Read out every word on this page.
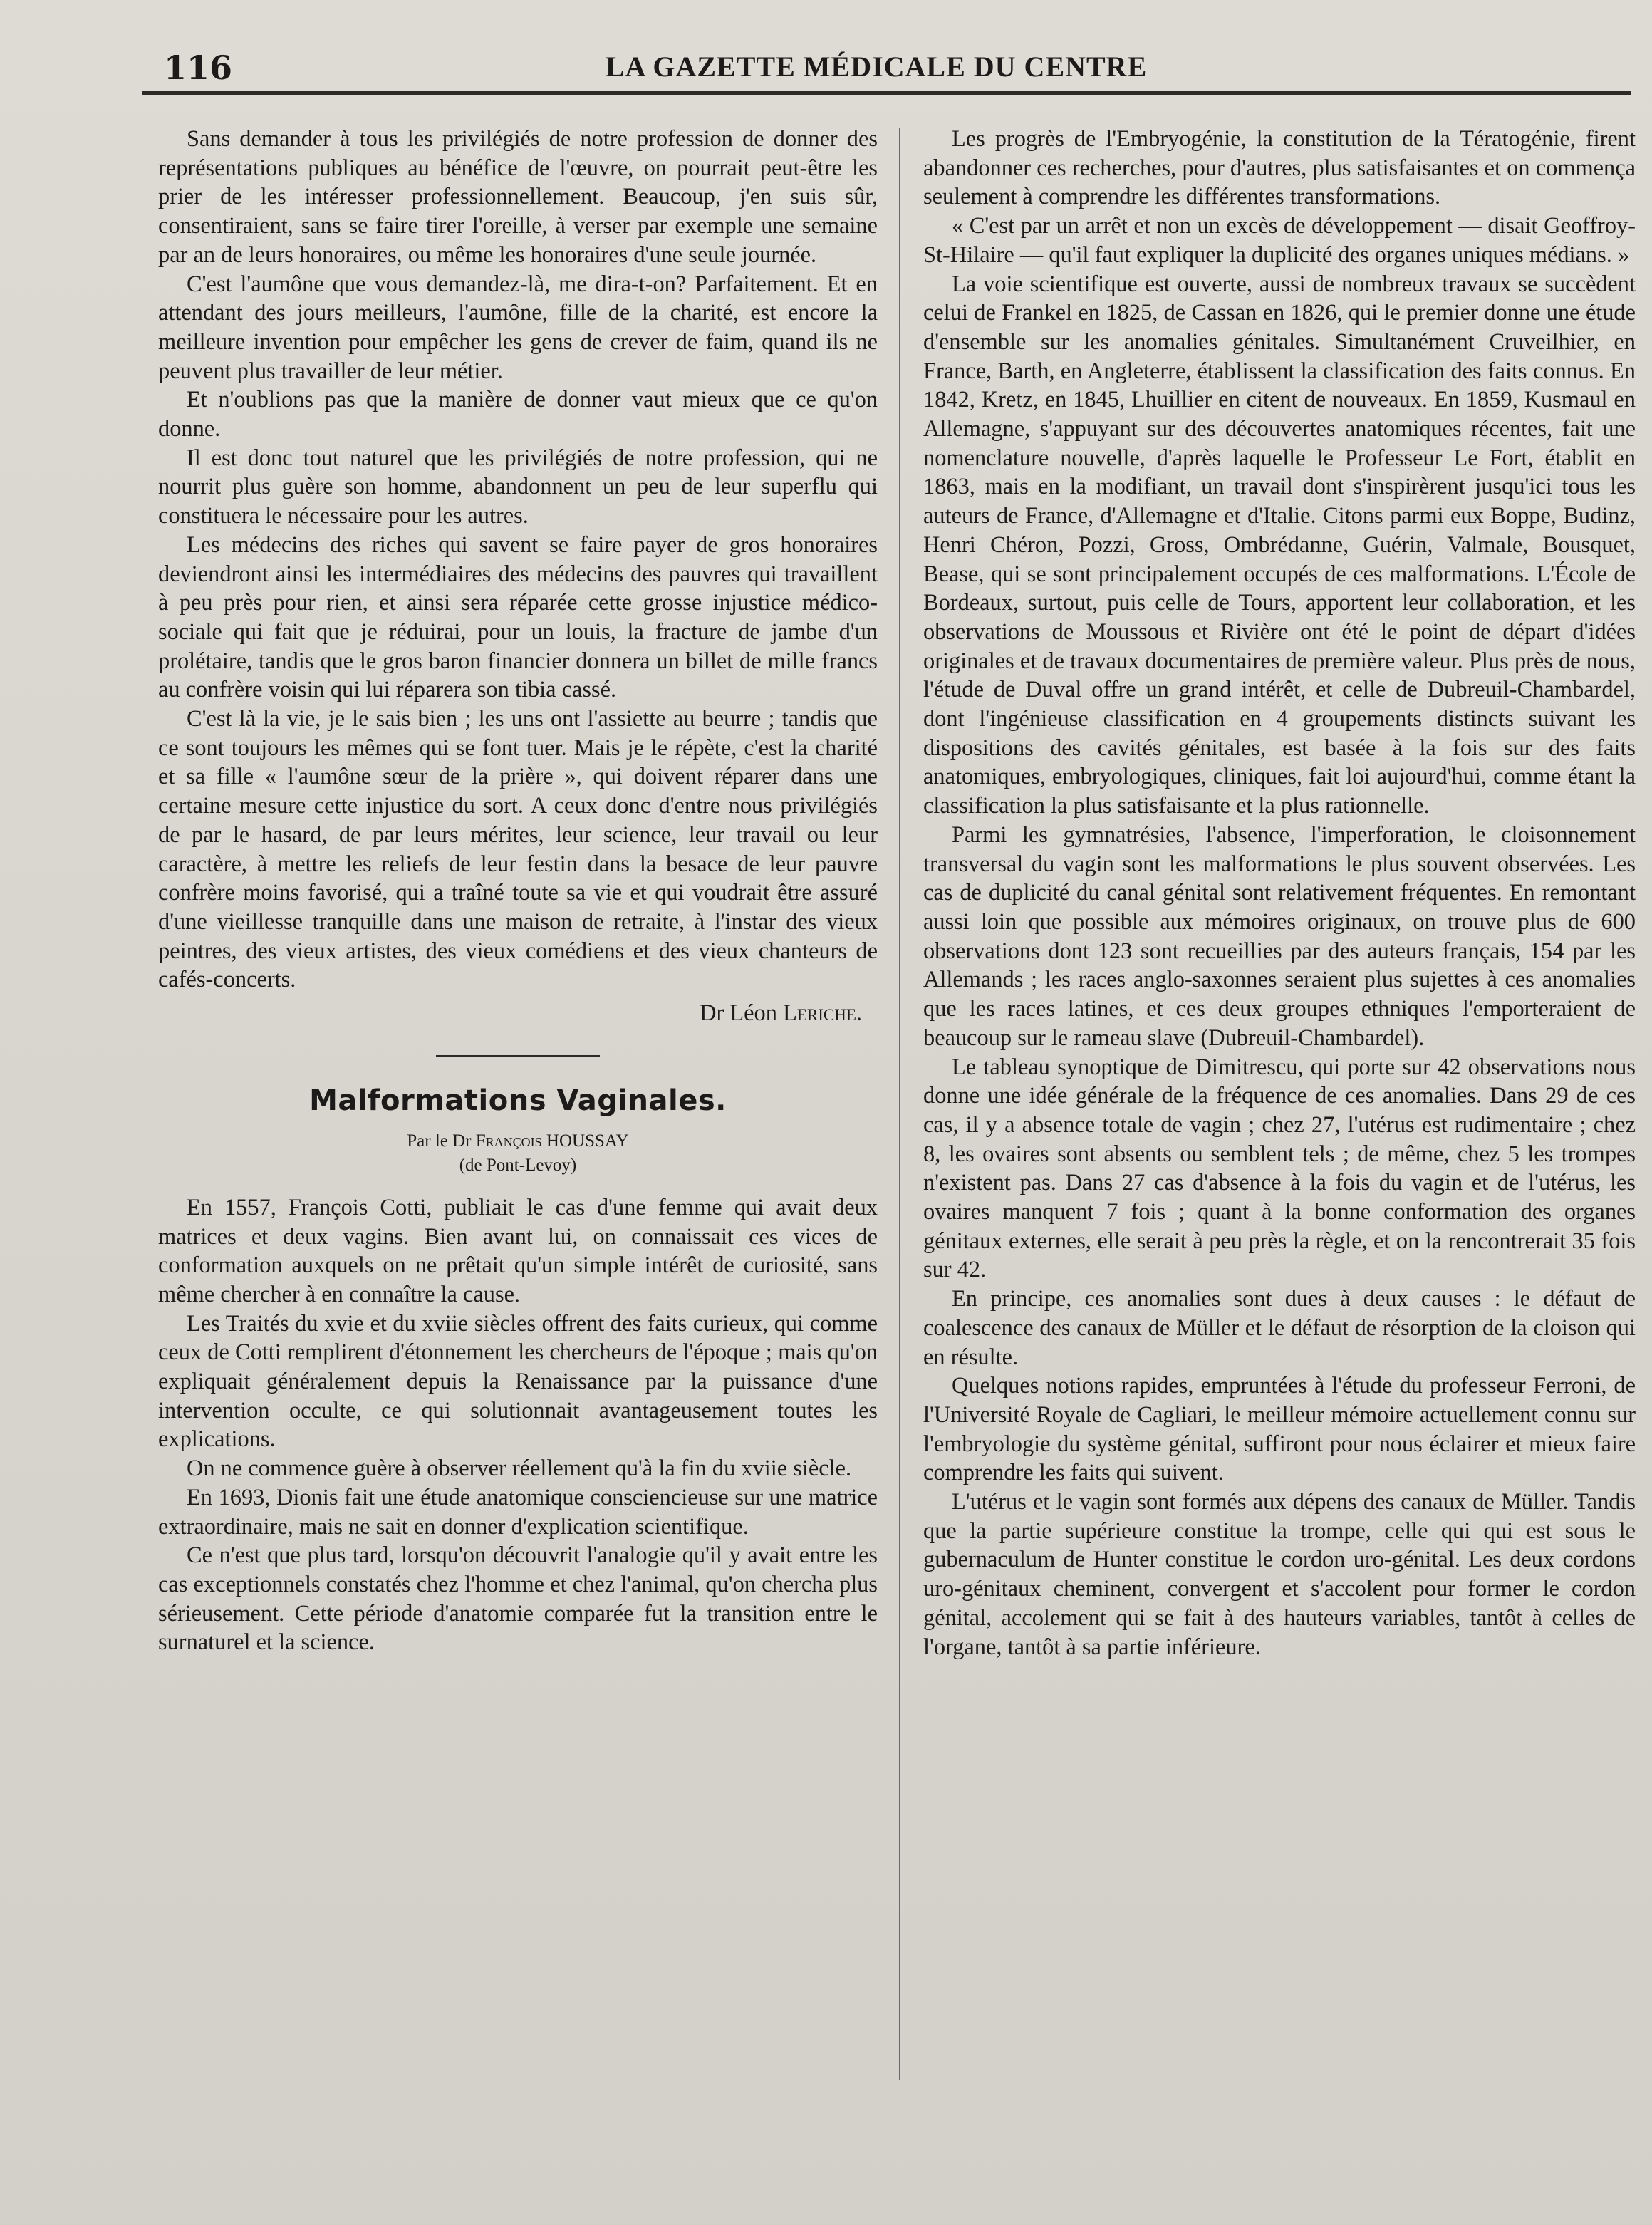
116	LA GAZETTE MÉDICALE DU CENTRE

Sans demander à tous les privilégiés de notre profession de donner des représentations publiques au bénéfice de l'œuvre, on pourrait peut-être les prier de les intéresser professionnellement. Beaucoup, j'en suis sûr, consentiraient, sans se faire tirer l'oreille, à verser par exemple une semaine par an de leurs honoraires, ou même les honoraires d'une seule journée.

C'est l'aumône que vous demandez-là, me dira-t-on? Parfaitement. Et en attendant des jours meilleurs, l'aumône, fille de la charité, est encore la meilleure invention pour empêcher les gens de crever de faim, quand ils ne peuvent plus travailler de leur métier.

Et n'oublions pas que la manière de donner vaut mieux que ce qu'on donne.

Il est donc tout naturel que les privilégiés de notre profession, qui ne nourrit plus guère son homme, abandonnent un peu de leur superflu qui constituera le nécessaire pour les autres.

Les médecins des riches qui savent se faire payer de gros honoraires deviendront ainsi les intermédiaires des médecins des pauvres qui travaillent à peu près pour rien, et ainsi sera réparée cette grosse injustice médico-sociale qui fait que je réduirai, pour un louis, la fracture de jambe d'un prolétaire, tandis que le gros baron financier donnera un billet de mille francs au confrère voisin qui lui réparera son tibia cassé.

C'est là la vie, je le sais bien ; les uns ont l'assiette au beurre ; tandis que ce sont toujours les mêmes qui se font tuer. Mais je le répète, c'est la charité et sa fille « l'aumône sœur de la prière », qui doivent réparer dans une certaine mesure cette injustice du sort. A ceux donc d'entre nous privilégiés de par le hasard, de par leurs mérites, leur science, leur travail ou leur caractère, à mettre les reliefs de leur festin dans la besace de leur pauvre confrère moins favorisé, qui a traîné toute sa vie et qui voudrait être assuré d'une vieillesse tranquille dans une maison de retraite, à l'instar des vieux peintres, des vieux artistes, des vieux comédiens et des vieux chanteurs de cafés-concerts.

Dr Léon Leriche.
Malformations Vaginales.
Par le Dr François HOUSSAY
(de Pont-Levoy)

En 1557, François Cotti, publiait le cas d'une femme qui avait deux matrices et deux vagins. Bien avant lui, on connaissait ces vices de conformation auxquels on ne prêtait qu'un simple intérêt de curiosité, sans même chercher à en connaître la cause.

Les Traités du xvie et du xviie siècles offrent des faits curieux, qui comme ceux de Cotti remplirent d'étonnement les chercheurs de l'époque ; mais qu'on expliquait généralement depuis la Renaissance par la puissance d'une intervention occulte, ce qui solutionnait avantageusement toutes les explications.

On ne commence guère à observer réellement qu'à la fin du xviie siècle.

En 1693, Dionis fait une étude anatomique consciencieuse sur une matrice extraordinaire, mais ne sait en donner d'explication scientifique.

Ce n'est que plus tard, lorsqu'on découvrit l'analogie qu'il y avait entre les cas exceptionnels constatés chez l'homme et chez l'animal, qu'on chercha plus sérieusement. Cette période d'anatomie comparée fut la transition entre le surnaturel et la science.

Les progrès de l'Embryogénie, la constitution de la Tératogénie, firent abandonner ces recherches, pour d'autres, plus satisfaisantes et on commença seulement à comprendre les différentes transformations.

« C'est par un arrêt et non un excès de développement — disait Geoffroy-St-Hilaire — qu'il faut expliquer la duplicité des organes uniques médians. »

La voie scientifique est ouverte, aussi de nombreux travaux se succèdent celui de Frankel en 1825, de Cassan en 1826, qui le premier donne une étude d'ensemble sur les anomalies génitales. Simultanément Cruveilhier, en France, Barth, en Angleterre, établissent la classification des faits connus. En 1842, Kretz, en 1845, Lhuillier en citent de nouveaux. En 1859, Kusmaul en Allemagne, s'appuyant sur des découvertes anatomiques récentes, fait une nomenclature nouvelle, d'après laquelle le Professeur Le Fort, établit en 1863, mais en la modifiant, un travail dont s'inspirèrent jusqu'ici tous les auteurs de France, d'Allemagne et d'Italie. Citons parmi eux Boppe, Budinz, Henri Chéron, Pozzi, Gross, Ombrédanne, Guérin, Valmale, Bousquet, Bease, qui se sont principalement occupés de ces malformations. L'École de Bordeaux, surtout, puis celle de Tours, apportent leur collaboration, et les observations de Moussous et Rivière ont été le point de départ d'idées originales et de travaux documentaires de première valeur. Plus près de nous, l'étude de Duval offre un grand intérêt, et celle de Dubreuil-Chambardel, dont l'ingénieuse classification en 4 groupements distincts suivant les dispositions des cavités génitales, est basée à la fois sur des faits anatomiques, embryologiques, cliniques, fait loi aujourd'hui, comme étant la classification la plus satisfaisante et la plus rationnelle.

Parmi les gymnatrésies, l'absence, l'imperforation, le cloisonnement transversal du vagin sont les malformations le plus souvent observées. Les cas de duplicité du canal génital sont relativement fréquentes. En remontant aussi loin que possible aux mémoires originaux, on trouve plus de 600 observations dont 123 sont recueillies par des auteurs français, 154 par les Allemands ; les races anglo-saxonnes seraient plus sujettes à ces anomalies que les races latines, et ces deux groupes ethniques l'emporteraient de beaucoup sur le rameau slave (Dubreuil-Chambardel).

Le tableau synoptique de Dimitrescu, qui porte sur 42 observations nous donne une idée générale de la fréquence de ces anomalies. Dans 29 de ces cas, il y a absence totale de vagin ; chez 27, l'utérus est rudimentaire ; chez 8, les ovaires sont absents ou semblent tels ; de même, chez 5 les trompes n'existent pas. Dans 27 cas d'absence à la fois du vagin et de l'utérus, les ovaires manquent 7 fois ; quant à la bonne conformation des organes génitaux externes, elle serait à peu près la règle, et on la rencontrerait 35 fois sur 42.

En principe, ces anomalies sont dues à deux causes : le défaut de coalescence des canaux de Müller et le défaut de résorption de la cloison qui en résulte.

Quelques notions rapides, empruntées à l'étude du professeur Ferroni, de l'Université Royale de Cagliari, le meilleur mémoire actuellement connu sur l'embryologie du système génital, suffiront pour nous éclairer et mieux faire comprendre les faits qui suivent.

L'utérus et le vagin sont formés aux dépens des canaux de Müller. Tandis que la partie supérieure constitue la trompe, celle qui qui est sous le gubernaculum de Hunter constitue le cordon uro-génital. Les deux cordons uro-génitaux cheminent, convergent et s'accolent pour former le cordon génital, accolement qui se fait à des hauteurs variables, tantôt à celles de l'organe, tantôt à sa partie inférieure.
